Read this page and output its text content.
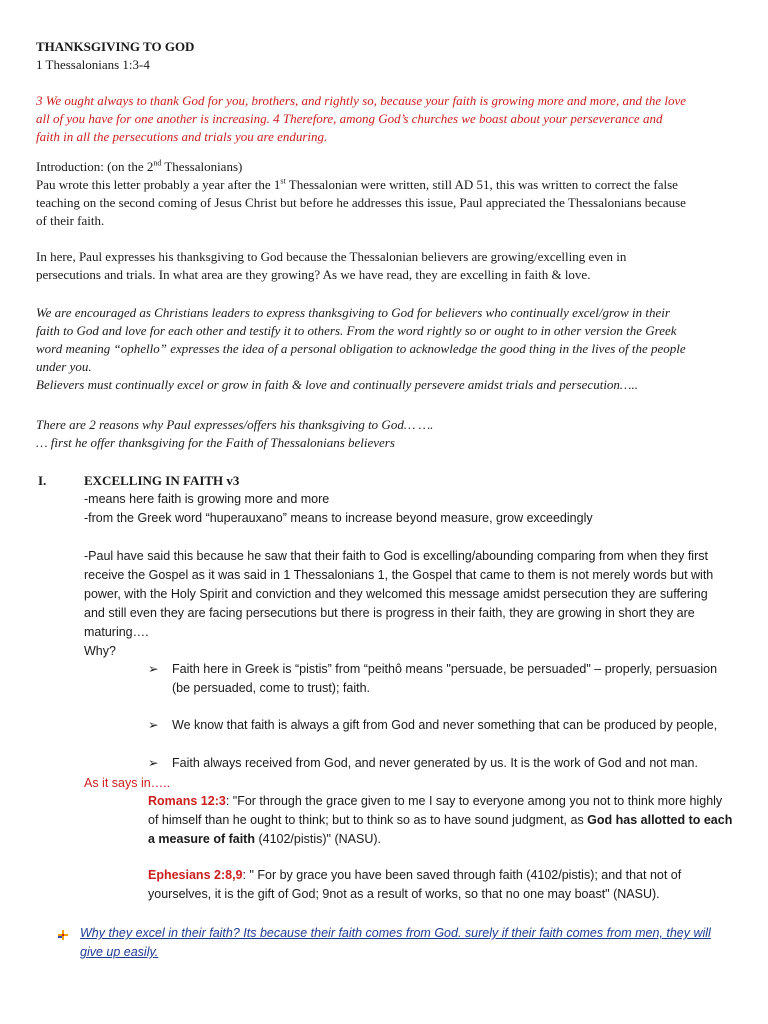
THANKSGIVING TO GOD

1 Thessalonians 1:3-4

3 We ought always to thank God for you, brothers, and rightly so, because your faith is growing more and more, and the love

all of you have for one another is increasing. 4 Therefore, among God’s churches we boast about your perseverance and

faith in all the persecutions and trials you are enduring.

Introduction: (on the 2nd Thessalonians)

Pau wrote this letter probably a year after the 1st Thessalonian were written, still AD 51, this was written to correct the false

teaching on the second coming of Jesus Christ but before he addresses this issue, Paul appreciated the Thessalonians because

of their faith.

In here, Paul expresses his thanksgiving to God because the Thessalonian believers are growing/excelling even in

persecutions and trials. In what area are they growing? As we have read, they are excelling in faith & love.

We are encouraged as Christians leaders to express thanksgiving to God for believers who continually excel/grow in their

faith to God and love for each other and testify it to others. From the word rightly so or ought to in other version the Greek

word meaning “ophello” expresses the idea of a personal obligation to acknowledge the good thing in the lives of the people

under you.

Believers must continually excel or grow in faith & love and continually persevere amidst trials and persecution…..

There are 2 reasons why Paul expresses/offers his thanksgiving to God… ….

… first he offer thanksgiving for the Faith of Thessalonians believers

I.	EXCELLING IN FAITH v3

-means here faith is growing more and more

-from the Greek word “huperauxano” means to increase beyond measure, grow exceedingly

-Paul have said this because he saw that their faith to God is excelling/abounding comparing from when they first

receive the Gospel as it was said in 1 Thessalonians 1, the Gospel that came to them is not merely words but with

power, with the Holy Spirit and conviction and they welcomed this message amidst persecution they are suffering

and still even they are facing persecutions but there is progress in their faith, they are growing in short they are

maturing….

Why?

➢ Faith here in Greek is “pistis” from “peithô means "persuade, be persuaded" – properly, persuasion
(be persuaded, come to trust); faith.
➢ We know that faith is always a gift from God and never something that can be produced by people,
➢ Faith always received from God, and never generated by us. It is the work of God and not man.
As it says in…..

Romans 12:3: "For through the grace given to me I say to everyone among you not to think more highly

of himself than he ought to think; but to think so as to have sound judgment, as God has allotted to each

a measure of faith (4102/pistis)" (NASU).

Ephesians 2:8,9: " For by grace you have been saved through faith (4102/pistis); and that not of

yourselves, it is the gift of God; 9not as a result of works, so that no one may boast" (NASU).

Why they excel in their faith? Its because their faith comes from God. surely if their faith comes from men, they will

give up easily.
